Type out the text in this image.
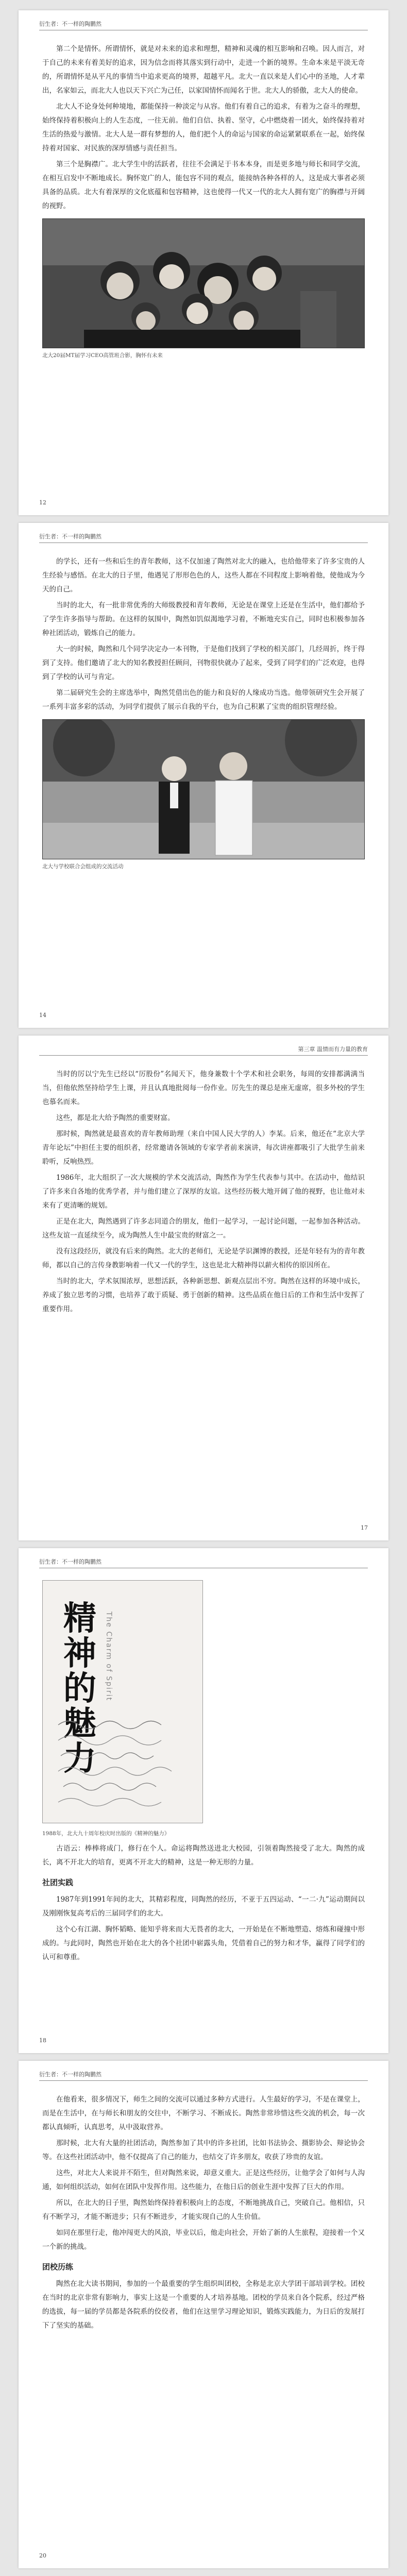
衍生者：不一样的陶鹏然

第二个是情怀。所谓情怀，就是对未来的追求和理想，精神和灵魂的相互影响和召唤。因人而言，对于自己的未来有着美好的追求，因为信念而将其落实到行动中，走进一个新的境界。生命本来是平淡无奇的，所谓情怀是从平凡的事情当中追求更高的境界，超越平凡。北大一直以来是人们心中的圣地，人才辈出，名家如云，而北大人也以天下兴亡为己任，以家国情怀而闻名于世。北大人的骄傲，北大人的使命。

北大人不论身处何种境地，都能保持一种淡定与从容。他们有着自己的追求，有着为之奋斗的理想，始终保持着积极向上的人生态度，一往无前。他们自信、执着、坚守，心中燃烧着一团火，始终保持着对生活的热爱与激情。北大人是一群有梦想的人，他们把个人的命运与国家的命运紧紧联系在一起，始终保持着对国家、对民族的深厚情感与责任担当。

第三个是胸襟广。北大学生中的活跃者，往往不会满足于书本本身，而是更多地与师长和同学交流，在相互启发中不断地成长。胸怀宽广的人，能包容不同的观点，能接纳各种各样的人，这是成大事者必须具备的品质。北大有着深厚的文化底蕴和包容精神，这也使得一代又一代的北大人拥有宽广的胸襟与开阔的视野。

北大20届MT届学习CEO高管班合影，胸怀有未来
12
衍生者：不一样的陶鹏然

的学长，还有一些和后生的青年教师，这不仅加速了陶然对北大的融入，也给他带来了许多宝贵的人生经验与感悟。在北大的日子里，他遇见了形形色色的人，这些人都在不同程度上影响着他，使他成为今天的自己。

当时的北大，有一批非常优秀的大师级教授和青年教师，无论是在课堂上还是在生活中，他们都给予了学生许多指导与帮助。在这样的氛围中，陶然如饥似渴地学习着，不断地充实自己，同时也积极参加各种社团活动，锻炼自己的能力。

大一的时候，陶然和几个同学决定办一本刊物，于是他们找到了学校的相关部门，几经周折，终于得到了支持。他们邀请了北大的知名教授担任顾问，刊物很快就办了起来，受到了同学们的广泛欢迎，也得到了学校的认可与肯定。

第二届研究生会的主席选举中，陶然凭借出色的能力和良好的人缘成功当选。他带领研究生会开展了一系列丰富多彩的活动，为同学们提供了展示自我的平台，也为自己积累了宝贵的组织管理经验。

北大与学校联合会组成的交流活动
14
第三章 温情而有力量的教育

当时的厉以宁先生已经以“厉股份”名闻天下，他身兼数十个学术和社会职务，每周的安排都满满当当，但他依然坚持给学生上课，并且认真地批阅每一份作业。厉先生的课总是座无虚席，很多外校的学生也慕名而来。

这些，都是北大给予陶然的重要财富。

那时候，陶然就是最喜欢的青年教师助理（来自中国人民大学的人）李某。后来，他还在“北京大学青年论坛”中担任主要的组织者，经常邀请各领域的专家学者前来演讲，每次讲座都吸引了大批学生前来聆听，反响热烈。

1986年，北大组织了一次大规模的学术交流活动，陶然作为学生代表参与其中。在活动中，他结识了许多来自各地的优秀学者，并与他们建立了深厚的友谊。这些经历极大地开阔了他的视野，也让他对未来有了更清晰的规划。

正是在北大，陶然遇到了许多志同道合的朋友，他们一起学习，一起讨论问题，一起参加各种活动。这些友谊一直延续至今，成为陶然人生中最宝贵的财富之一。

没有这段经历，就没有后来的陶然。北大的老师们，无论是学识渊博的教授，还是年轻有为的青年教师，都以自己的言传身教影响着一代又一代的学生，这也是北大精神得以薪火相传的原因所在。

当时的北大，学术氛围浓厚，思想活跃，各种新思想、新观点层出不穷。陶然在这样的环境中成长，养成了独立思考的习惯，也培养了敢于质疑、勇于创新的精神。这些品质在他日后的工作和生活中发挥了重要作用。

17
衍生者：不一样的陶鹏然
精神的魅力
The Charm of Spirit
1988年，北大九十周年校庆时出版的《精神的魅力》

古语云：棒棒将成门，修行在个人。命运将陶然送进北大校园，引领着陶然接受了北大。陶然的成长，离不开北大的培育，更离不开北大的精神，这是一种无形的力量。

社团实践

1987年到1991年间的北大，其精彩程度，同陶然的经历，不亚于五四运动、“一二·九”运动期间以及刚刚恢复高考后的三届同学们的北大。

这个心有江湖、胸怀韬略、能知乎将来而大无畏者的北大，一开始是在不断地塑造、熔炼和碰撞中形成的。与此同时，陶然也开始在北大的各个社团中崭露头角，凭借着自己的努力和才华，赢得了同学们的认可和尊重。

18
衍生者：不一样的陶鹏然

在他看来，很多情况下，师生之间的交流可以通过多种方式进行。人生最好的学习，不是在课堂上，而是在生活中，在与师长和朋友的交往中，不断学习、不断成长。陶然非常珍惜这些交流的机会，每一次都认真倾听，认真思考，从中汲取营养。

那时候，北大有大量的社团活动，陶然参加了其中的许多社团，比如书法协会、摄影协会、辩论协会等。在这些社团活动中，他不仅提高了自己的能力，也结交了许多朋友，收获了珍贵的友谊。

这些，对北大人来说并不陌生，但对陶然来说，却意义重大。正是这些经历，让他学会了如何与人沟通，如何组织活动，如何在团队中发挥作用。这些能力，在他日后的创业生涯中发挥了巨大的作用。

所以，在北大的日子里，陶然始终保持着积极向上的态度，不断地挑战自己，突破自己。他相信，只有不断学习，才能不断进步；只有不断进步，才能实现自己的人生价值。

如同在那里行走，他冲闯更大的风浪，毕业以后，他走向社会，开始了新的人生旅程，迎接着一个又一个新的挑战。

团校历练

陶然在北大读书期间，参加的一个最重要的学生组织叫团校，全称是北京大学团干部培训学校。团校在当时的北京非常有影响力，事实上这是一个重要的人才培养基地。团校的学员来自各个院系，经过严格的选拔，每一届的学员都是各院系的佼佼者，他们在这里学习理论知识，锻炼实践能力，为日后的发展打下了坚实的基础。

20
